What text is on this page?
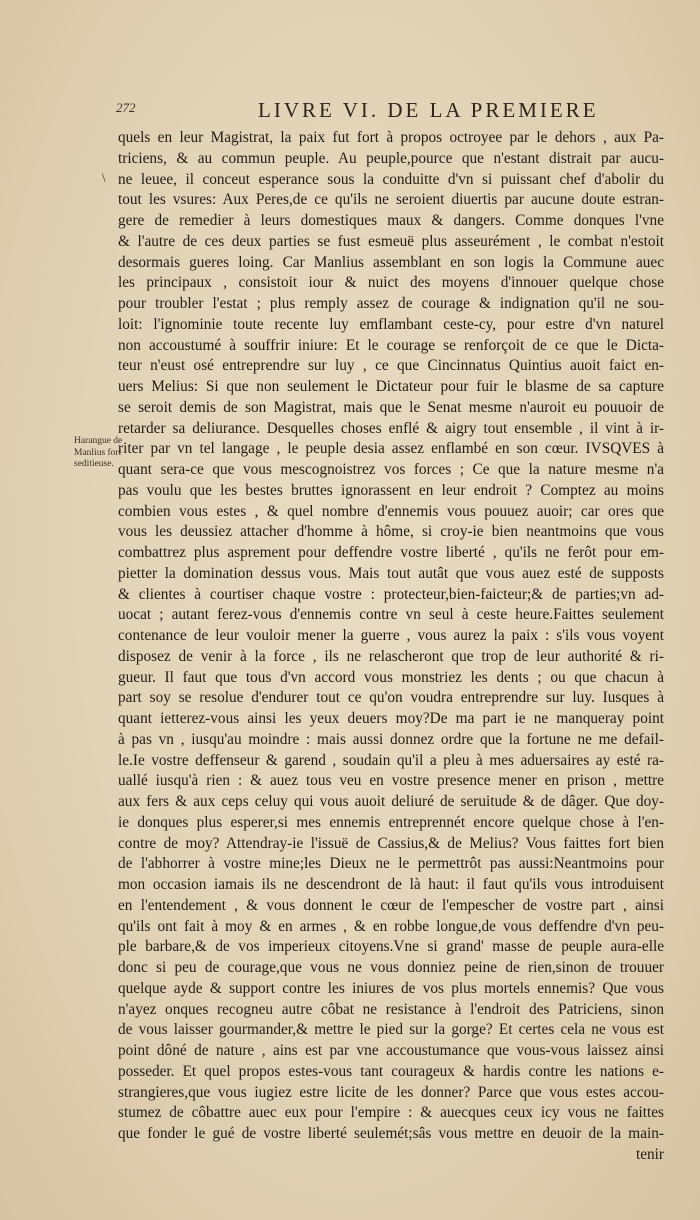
272	LIVRE VI. DE LA PREMIERE
\
Harangue de
Manlius fort
seditieuse.
quels en leur Magistrat, la paix fut fort à propos octroyee par le dehors , aux Pa-
triciens, & au commun peuple. Au peuple,pource que n'estant distrait par aucu-
ne leuee, il conceut esperance sous la conduitte d'vn si puissant chef d'abolir du
tout les vsures: Aux Peres,de ce qu'ils ne seroient diuertis par aucune doute estran-
gere de remedier à leurs domestiques maux & dangers. Comme donques l'vne
& l'autre de ces deux parties se fust esmeuë plus asseurément , le combat n'estoit
desormais gueres loing. Car Manlius assemblant en son logis la Commune auec
les principaux , consistoit iour & nuict des moyens d'innouer quelque chose
pour troubler l'estat ; plus remply assez de courage & indignation qu'il ne sou-
loit: l'ignominie toute recente luy emflambant ceste-cy, pour estre d'vn naturel
non accoustumé à souffrir iniure: Et le courage se renforçoit de ce que le Dicta-
teur n'eust osé entreprendre sur luy , ce que Cincinnatus Quintius auoit faict en-
uers Melius: Si que non seulement le Dictateur pour fuir le blasme de sa capture
se seroit demis de son Magistrat, mais que le Senat mesme n'auroit eu pouuoir de
retarder sa deliurance. Desquelles choses enflé & aigry tout ensemble , il vint à ir-
riter par vn tel langage , le peuple desia assez enflambé en son cœur. IVSQVES à
quant sera-ce que vous mescognoistrez vos forces ; Ce que la nature mesme n'a
pas voulu que les bestes bruttes ignorassent en leur endroit ? Comptez au moins
combien vous estes , & quel nombre d'ennemis vous pouuez auoir; car ores que
vous les deussiez attacher d'homme à hôme, si croy-ie bien neantmoins que vous
combattrez plus asprement pour deffendre vostre liberté , qu'ils ne ferôt pour em-
pietter la domination dessus vous. Mais tout autât que vous auez esté de supposts
& clientes à courtiser chaque vostre : protecteur,bien-faicteur;& de parties;vn ad-
uocat ; autant ferez-vous d'ennemis contre vn seul à ceste heure.Faittes seulement
contenance de leur vouloir mener la guerre , vous aurez la paix : s'ils vous voyent
disposez de venir à la force , ils ne relascheront que trop de leur authorité & ri-
gueur. Il faut que tous d'vn accord vous monstriez les dents ; ou que chacun à
part soy se resolue d'endurer tout ce qu'on voudra entreprendre sur luy. Iusques à
quant ietterez-vous ainsi les yeux deuers moy?De ma part ie ne manqueray point
à pas vn , iusqu'au moindre : mais aussi donnez ordre que la fortune ne me defail-
le.Ie vostre deffenseur & garend , soudain qu'il a pleu à mes aduersaires ay esté ra-
uallé iusqu'à rien : & auez tous veu en vostre presence mener en prison , mettre
aux fers & aux ceps celuy qui vous auoit deliuré de seruitude & de dâger. Que doy-
ie donques plus esperer,si mes ennemis entreprennét encore quelque chose à l'en-
contre de moy? Attendray-ie l'issuë de Cassius,& de Melius? Vous faittes fort bien
de l'abhorrer à vostre mine;les Dieux ne le permettrôt pas aussi:Neantmoins pour
mon occasion iamais ils ne descendront de là haut: il faut qu'ils vous introduisent
en l'entendement , & vous donnent le cœur de l'empescher de vostre part , ainsi
qu'ils ont fait à moy & en armes , & en robbe longue,de vous deffendre d'vn peu-
ple barbare,& de vos imperieux citoyens.Vne si grand' masse de peuple aura-elle
donc si peu de courage,que vous ne vous donniez peine de rien,sinon de trouuer
quelque ayde & support contre les iniures de vos plus mortels ennemis? Que vous
n'ayez onques recogneu autre côbat ne resistance à l'endroit des Patriciens, sinon
de vous laisser gourmander,& mettre le pied sur la gorge? Et certes cela ne vous est
point dôné de nature , ains est par vne accoustumance que vous-vous laissez ainsi
posseder. Et quel propos estes-vous tant courageux & hardis contre les nations e-
strangieres,que vous iugiez estre licite de les donner? Parce que vous estes accou-
stumez de côbattre auec eux pour l'empire : & auecques ceux icy vous ne faittes
que fonder le gué de vostre liberté seulemét;sâs vous mettre en deuoir de la main-
tenir
